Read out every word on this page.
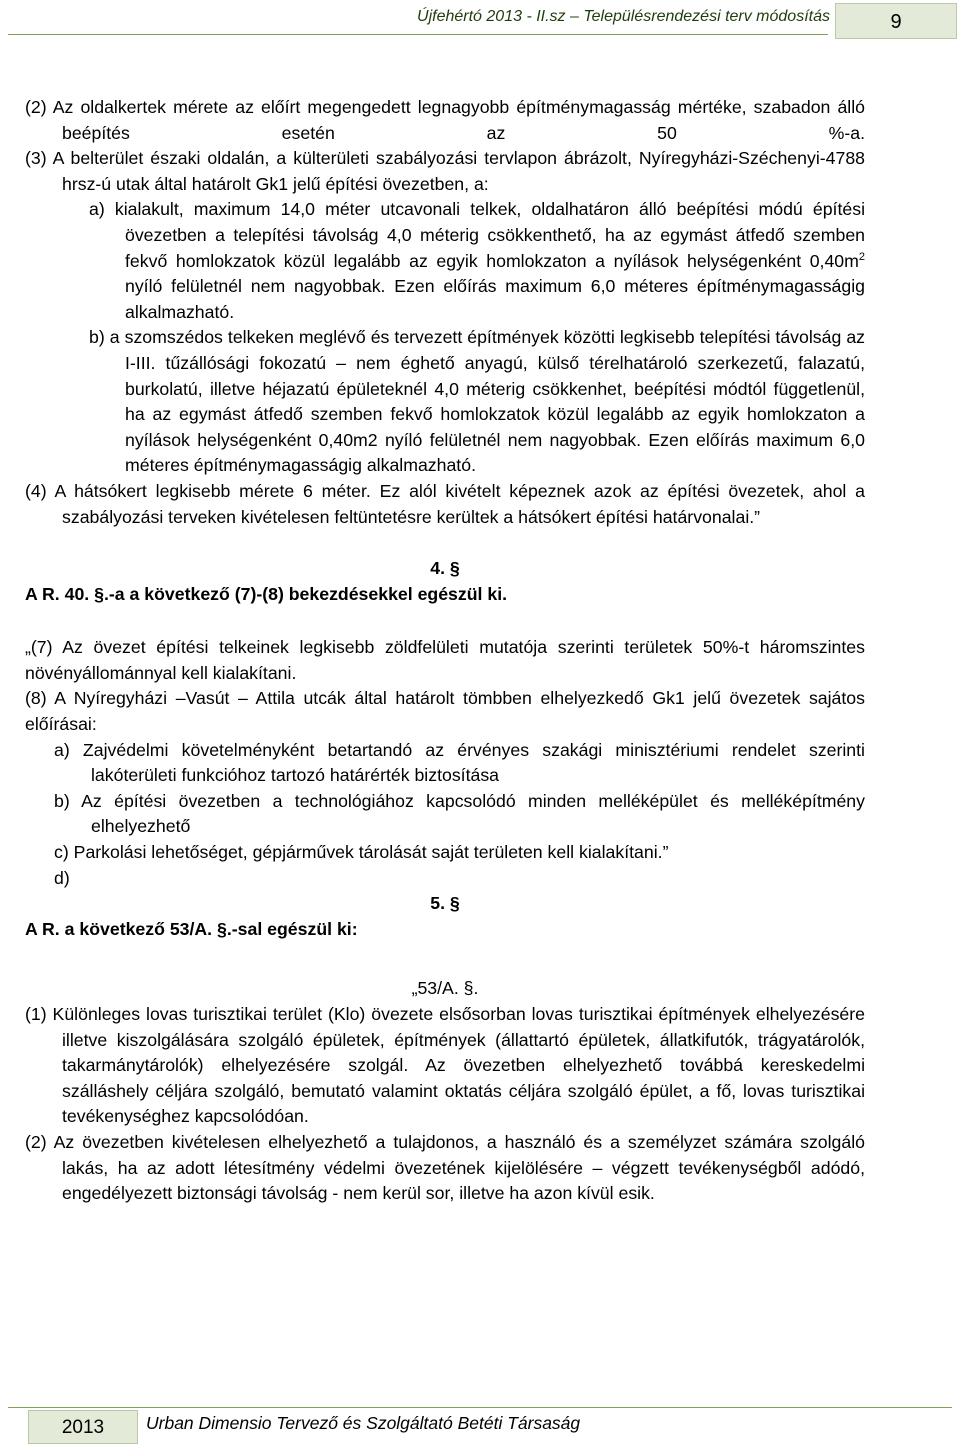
Újfehértó 2013 - II.sz – Településrendezési terv módosítás	9
(2) Az oldalkertek mérete az előírt megengedett legnagyobb építménymagasság mértéke, szabadon álló beépítés esetén az 50 %-a.
(3) A belterület északi oldalán, a külterületi szabályozási tervlapon ábrázolt, Nyíregyházi-Széchenyi-4788 hrsz-ú utak által határolt Gk1 jelű építési övezetben, a:
a) kialakult, maximum 14,0 méter utcavonali telkek, oldalhatáron álló beépítési módú építési övezetben a telepítési távolság 4,0 méterig csökkenthető, ha az egymást átfedő szemben fekvő homlokzatok közül legalább az egyik homlokzaton a nyílások helységenként $0,40m^2$ nyíló felületnél nem nagyobbak. Ezen előírás maximum 6,0 méteres építménymagasságig alkalmazható.
b) a szomszédos telkeken meglévő és tervezett építmények közötti legkisebb telepítési távolság az I-III. tűzállósági fokozatú – nem éghető anyagú, külső térelhatároló szerkezetű, falazatú, burkolatú, illetve héjazatú épületeknél 4,0 méterig csökkenhet, beépítési módtól függetlenül, ha az egymást átfedő szemben fekvő homlokzatok közül legalább az egyik homlokzaton a nyílások helységenként 0,40m2 nyíló felületnél nem nagyobbak. Ezen előírás maximum 6,0 méteres építménymagasságig alkalmazható.
(4) A hátsókert legkisebb mérete 6 méter. Ez alól kivételt képeznek azok az építési övezetek, ahol a szabályozási terveken kivételesen feltüntetésre kerültek a hátsókert építési határvonalai.”
4. §
A R. 40. §.-a a következő (7)-(8) bekezdésekkel egészül ki.
„(7) Az övezet építési telkeinek legkisebb zöldfelületi mutatója szerinti területek 50%-t háromszintes növényállománnyal kell kialakítani.
(8) A Nyíregyházi –Vasút – Attila utcák által határolt tömbben elhelyezkedő Gk1 jelű övezetek sajátos előírásai:
a) Zajvédelmi követelményként betartandó az érvényes szakági minisztériumi rendelet szerinti lakóterületi funkcióhoz tartozó határérték biztosítása
b) Az építési övezetben a technológiához kapcsolódó minden melléképület és melléképítmény elhelyezhető
c) Parkolási lehetőséget, gépjárművek tárolását saját területen kell kialakítani.”
d)
5. §
A R. a következő 53/A. §.-sal egészül ki:
„53/A. §.
(1) Különleges lovas turisztikai terület (Klo) övezete elsősorban lovas turisztikai építmények elhelyezésére illetve kiszolgálására szolgáló épületek, építmények (állattartó épületek, állatkifutók, trágyatárolók, takarmánytárolók) elhelyezésére szolgál. Az övezetben elhelyezhető továbbá kereskedelmi szálláshely céljára szolgáló, bemutató valamint oktatás céljára szolgáló épület, a fő, lovas turisztikai tevékenységhez kapcsolódóan.
(2) Az övezetben kivételesen elhelyezhető a tulajdonos, a használó és a személyzet számára szolgáló lakás, ha az adott létesítmény védelmi övezetének kijelölésére – végzett tevékenységből adódó, engedélyezett biztonsági távolság - nem kerül sor, illetve ha azon kívül esik.
2013	Urban Dimensio Tervező és Szolgáltató Betéti Társaság
